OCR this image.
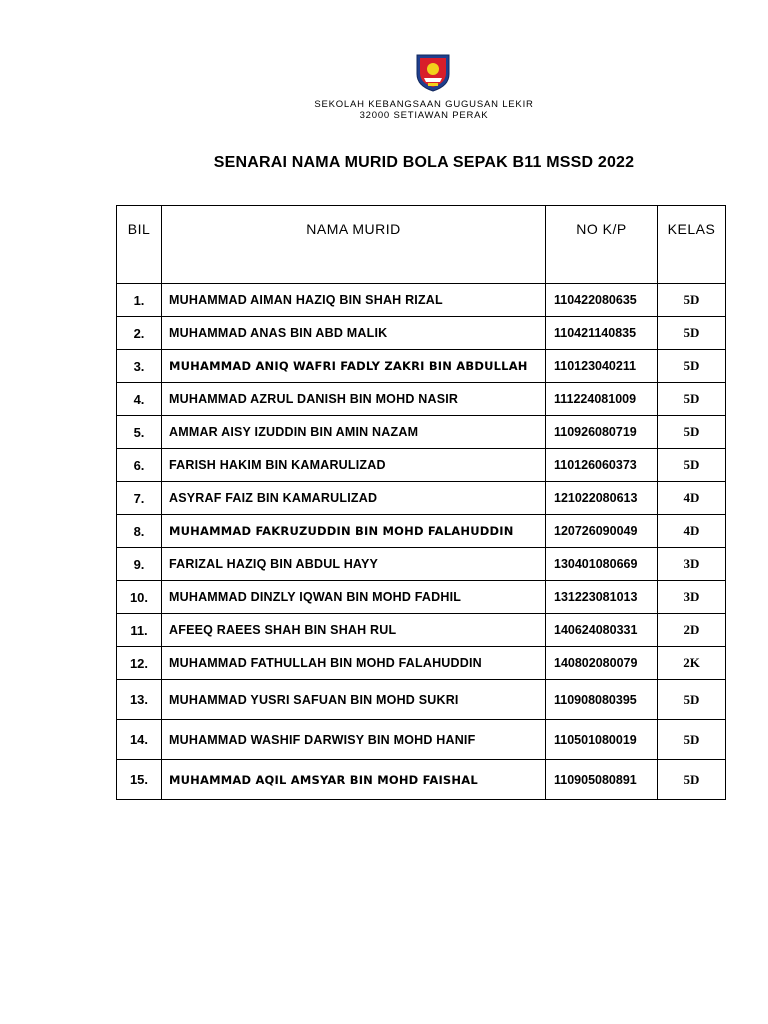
SEKOLAH KEBANGSAAN GUGUSAN LEKIR
32000 SETIAWAN PERAK
SENARAI NAMA MURID BOLA SEPAK B11 MSSD 2022
BIL	NAMA MURID	NO K/P	KELAS
1.	MUHAMMAD AIMAN HAZIQ BIN SHAH RIZAL	110422080635	5D
2.	MUHAMMAD ANAS BIN ABD MALIK	110421140835	5D
3.	MUHAMMAD ANIQ WAFRI FADLY ZAKRI BIN ABDULLAH	110123040211	5D
4.	MUHAMMAD AZRUL DANISH BIN MOHD NASIR	111224081009	5D
5.	AMMAR AISY IZUDDIN BIN AMIN NAZAM	110926080719	5D
6.	FARISH HAKIM BIN KAMARULIZAD	110126060373	5D
7.	ASYRAF FAIZ BIN KAMARULIZAD	121022080613	4D
8.	MUHAMMAD FAKRUZUDDIN BIN MOHD FALAHUDDIN	120726090049	4D
9.	FARIZAL HAZIQ BIN ABDUL HAYY	130401080669	3D
10.	MUHAMMAD DINZLY IQWAN BIN MOHD FADHIL	131223081013	3D
11.	AFEEQ RAEES SHAH BIN SHAH RUL	140624080331	2D
12.	MUHAMMAD FATHULLAH BIN MOHD FALAHUDDIN	140802080079	2K
13.	MUHAMMAD YUSRI SAFUAN BIN MOHD SUKRI	110908080395	5D
14.	MUHAMMAD WASHIF DARWISY BIN MOHD HANIF	110501080019	5D
15.	MUHAMMAD AQIL AMSYAR BIN MOHD FAISHAL	110905080891	5D
